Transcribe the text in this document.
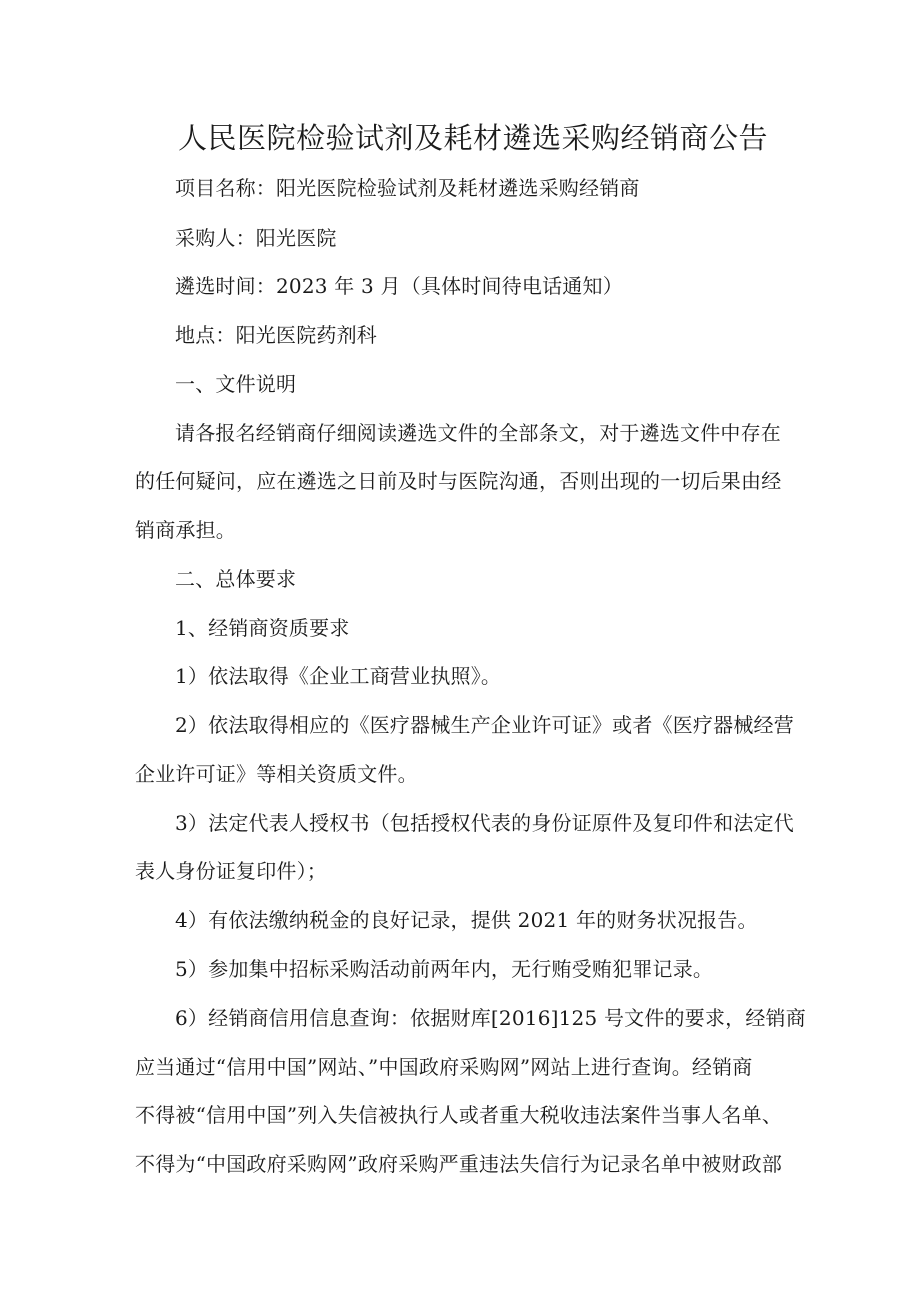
人民医院检验试剂及耗材遴选采购经销商公告
项目名称：阳光医院检验试剂及耗材遴选采购经销商
采购人：阳光医院
遴选时间：2023 年 3 月（具体时间待电话通知）
地点：阳光医院药剂科
一、文件说明
请各报名经销商仔细阅读遴选文件的全部条文，对于遴选文件中存在
的任何疑问，应在遴选之日前及时与医院沟通，否则出现的一切后果由经
销商承担。
二、总体要求
1、经销商资质要求
1）依法取得《企业工商营业执照》。
2）依法取得相应的《医疗器械生产企业许可证》或者《医疗器械经营
企业许可证》等相关资质文件。
3）法定代表人授权书（包括授权代表的身份证原件及复印件和法定代
表人身份证复印件）；
4）有依法缴纳税金的良好记录，提供 2021 年的财务状况报告。
5）参加集中招标采购活动前两年内，无行贿受贿犯罪记录。
6）经销商信用信息查询：依据财库[2016]125 号文件的要求，经销商
应当通过“信用中国”网站、”中国政府采购网”网站上进行查询。经销商
不得被“信用中国”列入失信被执行人或者重大税收违法案件当事人名单、
不得为“中国政府采购网”政府采购严重违法失信行为记录名单中被财政部
